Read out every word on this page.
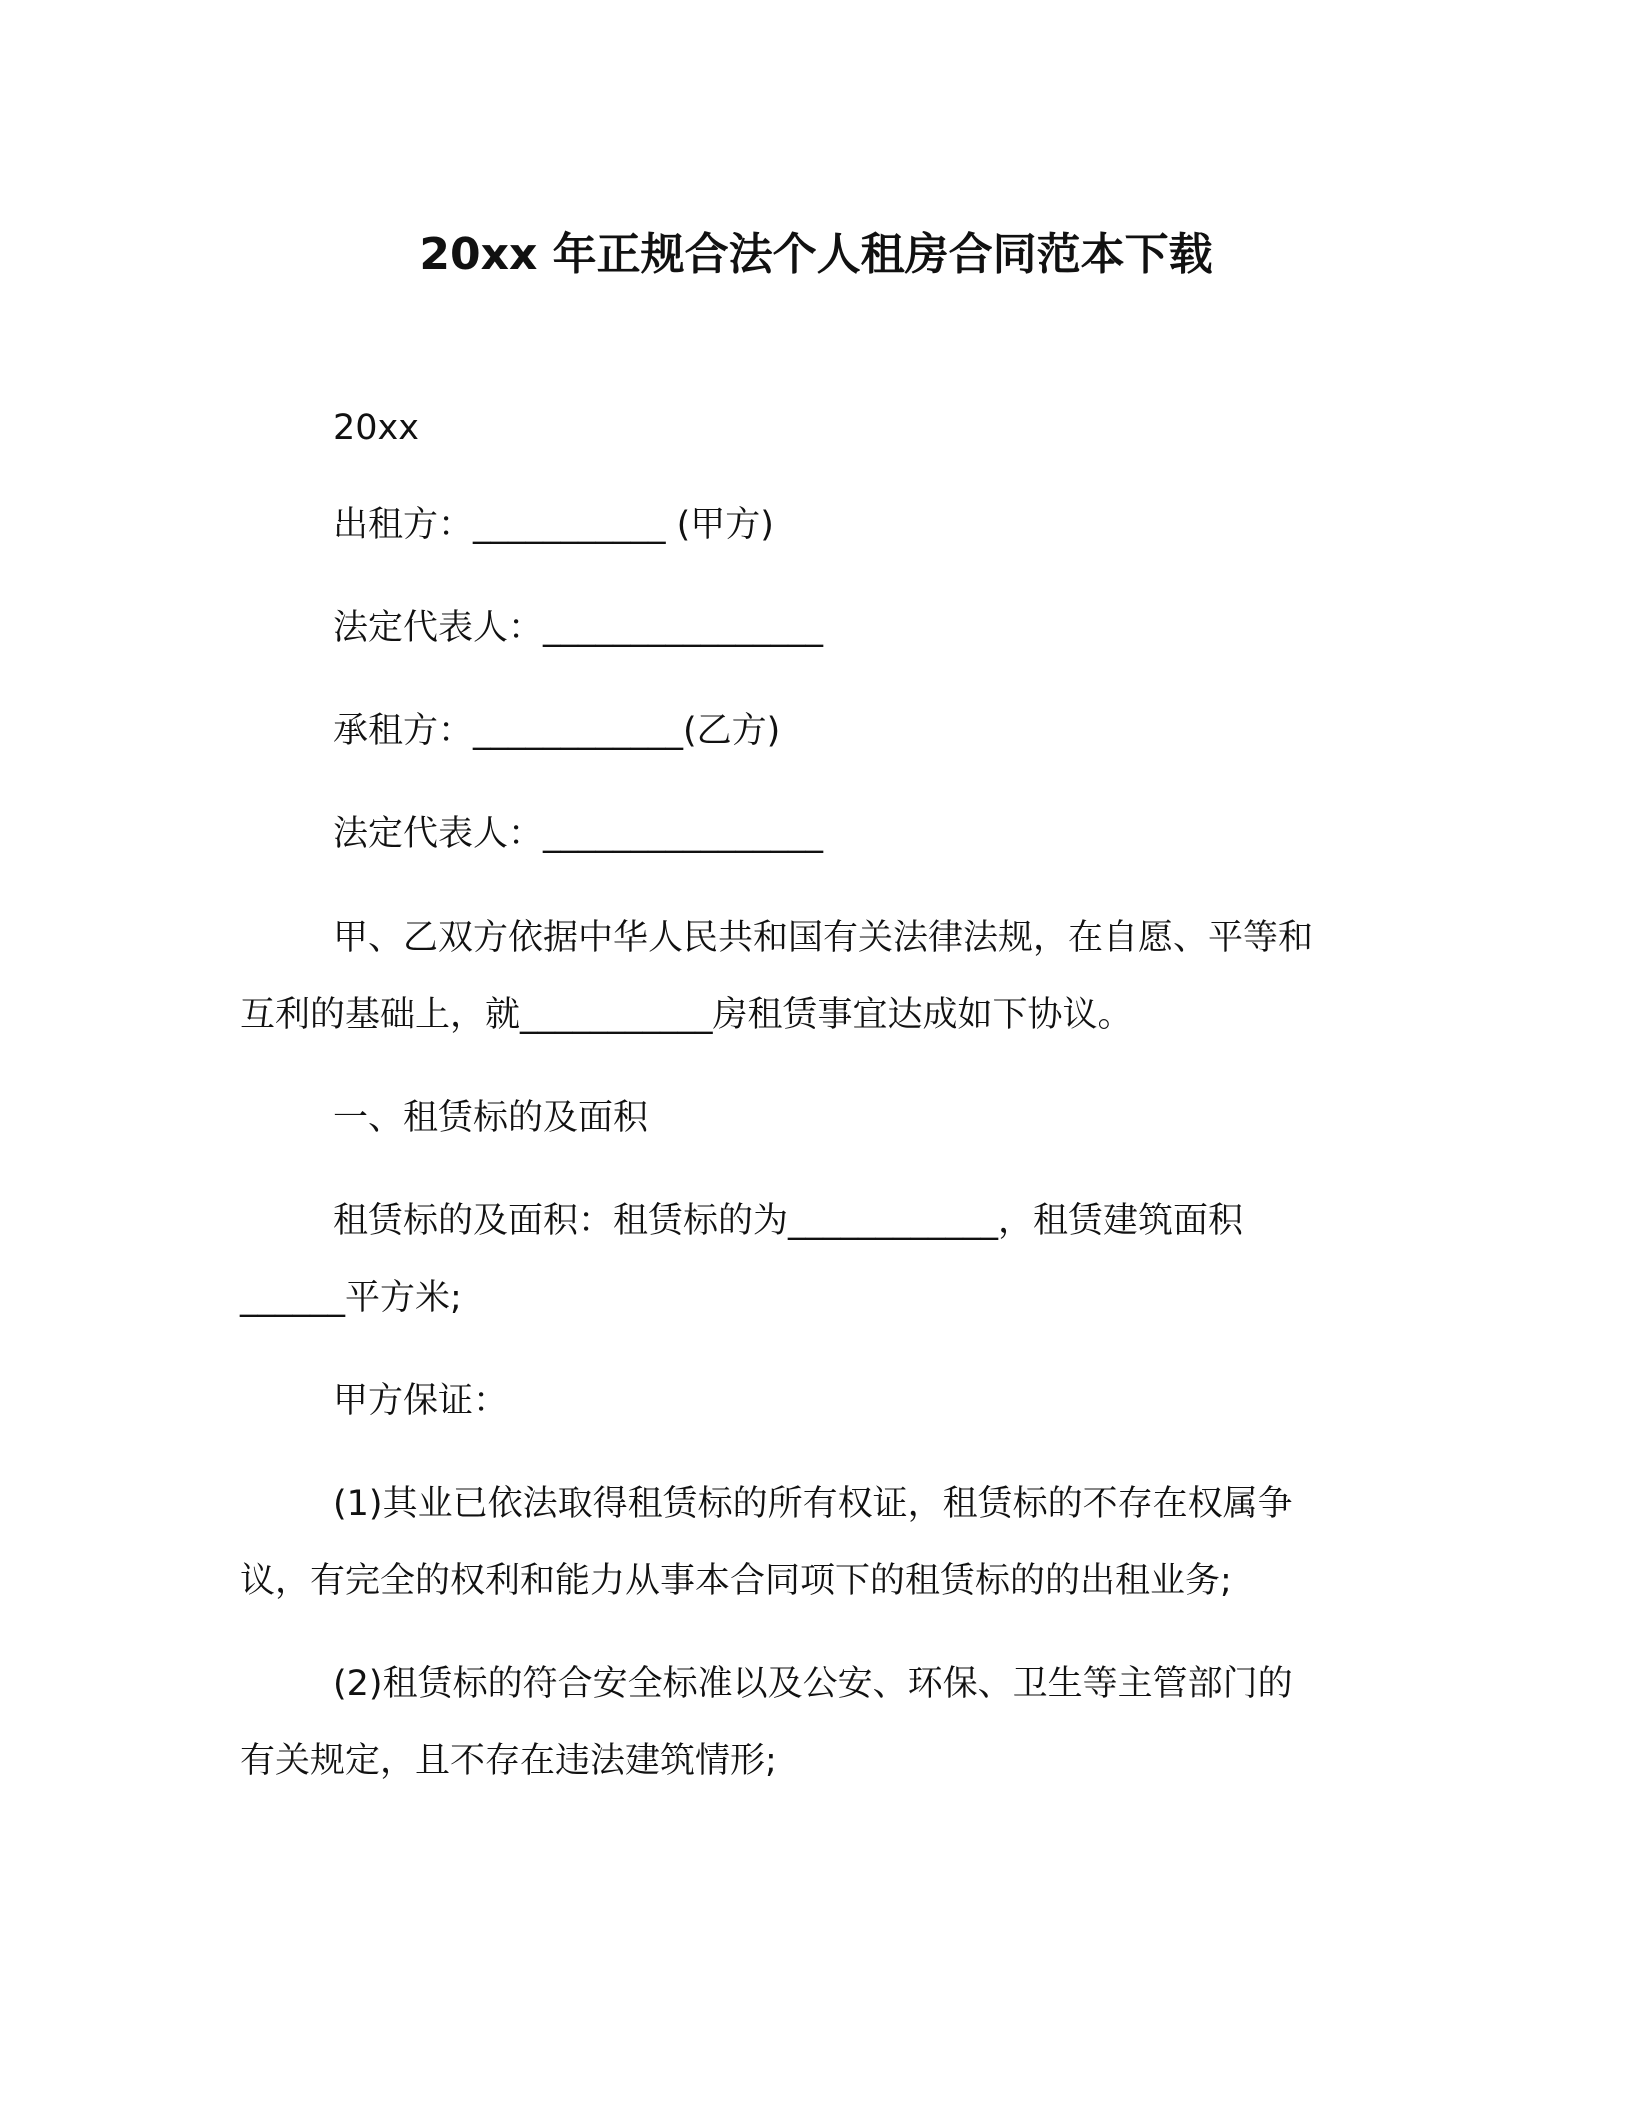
20xx 年正规合法个人租房合同范本下载
20xx
出租方：___________ (甲方)
法定代表人：________________
承租方：____________(乙方)
法定代表人：________________
甲、乙双方依据中华人民共和国有关法律法规，在自愿、平等和
互利的基础上，就___________房租赁事宜达成如下协议。
一、租赁标的及面积
租赁标的及面积：租赁标的为____________，租赁建筑面积
______平方米;
甲方保证：
(1)其业已依法取得租赁标的所有权证，租赁标的不存在权属争
议，有完全的权利和能力从事本合同项下的租赁标的的出租业务;
(2)租赁标的符合安全标准以及公安、环保、卫生等主管部门的
有关规定，且不存在违法建筑情形;
